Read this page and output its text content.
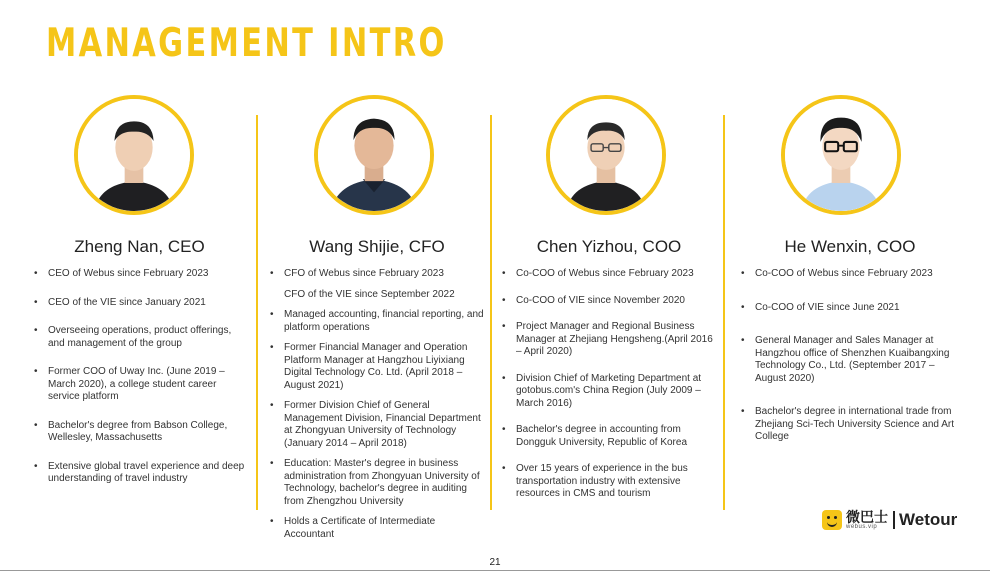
MANAGEMENT INTRO

Zheng Nan, CEO

• CEO of Webus since February 2023
• CEO of the VIE since January 2021
• Overseeing operations, product offerings, and management of the group
• Former COO of Uway Inc. (June 2019 – March 2020), a college student career service platform
• Bachelor's degree from Babson College, Wellesley, Massachusetts
• Extensive global travel experience and deep understanding of travel industry

Wang Shijie, CFO

• CFO of Webus since February 2023
CFO of the VIE since September 2022
• Managed accounting, financial reporting, and platform operations
• Former Financial Manager and Operation Platform Manager at Hangzhou Liyixiang Digital Technology Co. Ltd. (April 2018 – August 2021)
• Former Division Chief of General Management Division, Financial Department at Zhongyuan University of Technology (January 2014 – April 2018)
• Education: Master's degree in business administration from Zhongyuan University of Technology, bachelor's degree in auditing from Zhengzhou University
• Holds a Certificate of Intermediate Accountant

Chen Yizhou, COO

• Co-COO of Webus since February 2023
• Co-COO of VIE since November 2020
• Project Manager and Regional Business Manager at Zhejiang Hengsheng.(April 2016 – April 2020)
• Division Chief of Marketing Department at gotobus.com's China Region (July 2009 – March 2016)
• Bachelor's degree in accounting from Dongguk University, Republic of Korea
• Over 15 years of experience in the bus transportation industry with extensive resources in CMS and tourism

He Wenxin, COO

• Co-COO of Webus since February 2023
• Co-COO of VIE since June 2021
• General Manager and Sales Manager at Hangzhou office of Shenzhen Kuaibangxing Technology Co., Ltd. (September 2017 – August 2020)
• Bachelor's degree in international trade from Zhejiang Sci-Tech University Science and Art College
微巴士
webus.vip	Wetour
21
